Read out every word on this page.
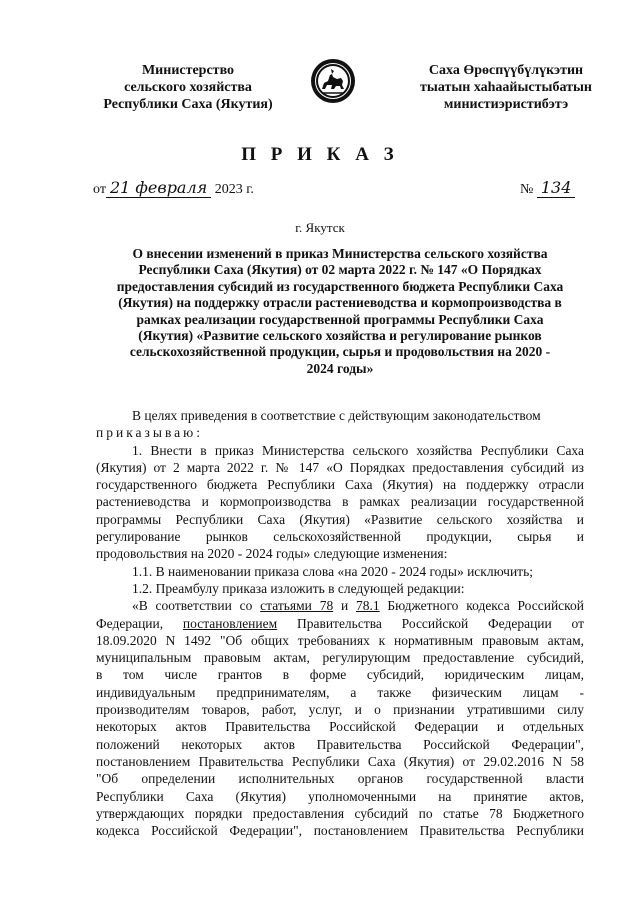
Министерство
сельского хозяйства
Республики Саха (Якутия)
Саха Өрөспүүбүлүкэтин
тыатын хаһаайыстыбатын
министиэристибэтэ
П Р И К А З
от 21 февраля 2023 г.	№ 134
г. Якутск
О внесении изменений в приказ Министерства сельского хозяйства
Республики Саха (Якутия) от 02 марта 2022 г. № 147 «О Порядках
предоставления субсидий из государственного бюджета Республики Саха
(Якутия) на поддержку отрасли растениеводства и кормопроизводства в
рамках реализации государственной программы Республики Саха
(Якутия) «Развитие сельского хозяйства и регулирование рынков
сельскохозяйственной продукции, сырья и продовольствия на 2020 -
2024 годы»
В целях приведения в соответствие с действующим законодательством
приказываю:
1. Внести в приказ Министерства сельского хозяйства Республики Саха
(Якутия) от 2 марта 2022 г. № 147 «О Порядках предоставления субсидий из
государственного бюджета Республики Саха (Якутия) на поддержку отрасли
растениеводства и кормопроизводства в рамках реализации государственной
программы Республики Саха (Якутия) «Развитие сельского хозяйства и
регулирование рынков сельскохозяйственной продукции, сырья и
продовольствия на 2020 - 2024 годы» следующие изменения:
1.1. В наименовании приказа слова «на 2020 - 2024 годы» исключить;
1.2. Преамбулу приказа изложить в следующей редакции:
«В соответствии со статьями 78 и 78.1 Бюджетного кодекса Российской
Федерации, постановлением Правительства Российской Федерации от
18.09.2020 N 1492 "Об общих требованиях к нормативным правовым актам,
муниципальным правовым актам, регулирующим предоставление субсидий,
в том числе грантов в форме субсидий, юридическим лицам,
индивидуальным предпринимателям, а также физическим лицам -
производителям товаров, работ, услуг, и о признании утратившими силу
некоторых актов Правительства Российской Федерации и отдельных
положений некоторых актов Правительства Российской Федерации",
постановлением Правительства Республики Саха (Якутия) от 29.02.2016 N 58
"Об определении исполнительных органов государственной власти
Республики Саха (Якутия) уполномоченными на принятие актов,
утверждающих порядки предоставления субсидий по статье 78 Бюджетного
кодекса Российской Федерации", постановлением Правительства Республики
